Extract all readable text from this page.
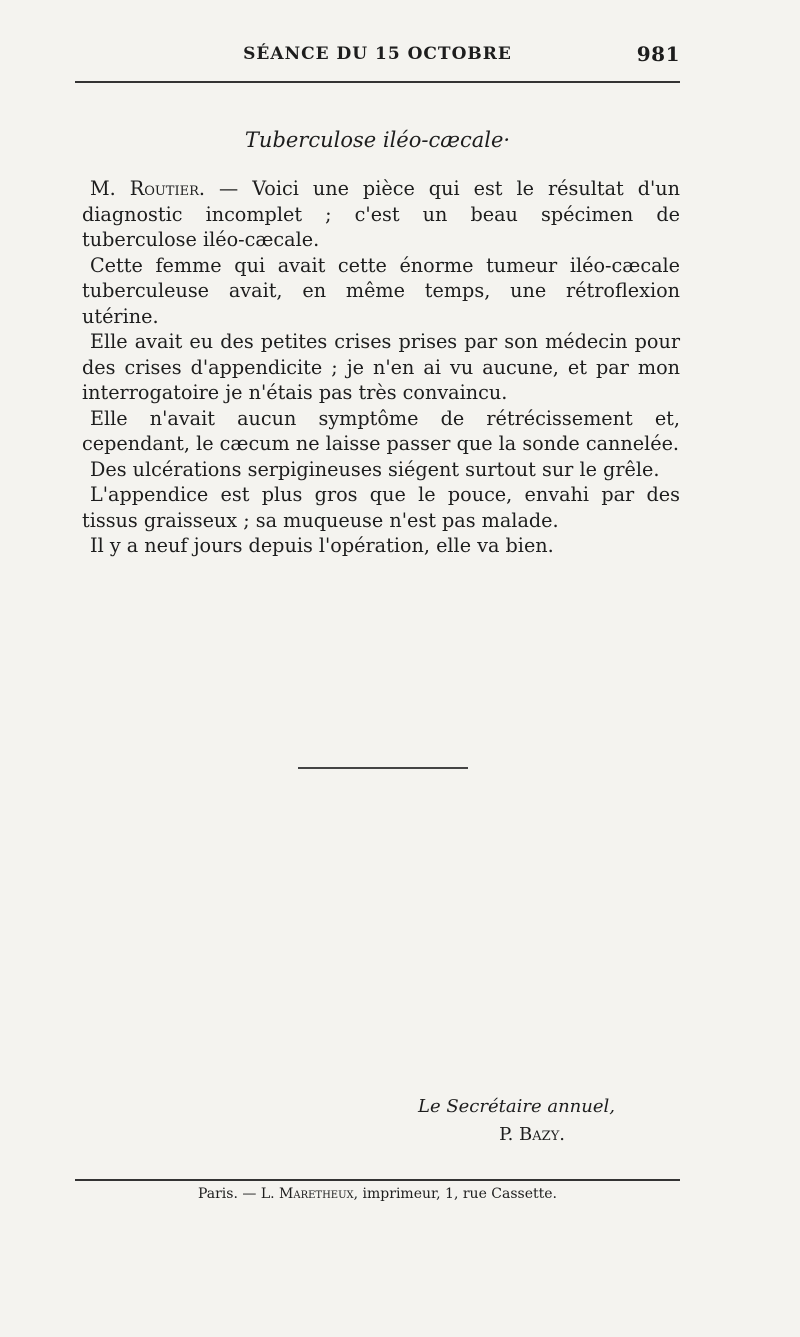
SÉANCE DU 15 OCTOBRE	981
Tuberculose iléo-cæcale·

M. Routier. — Voici une pièce qui est le résultat d'un diagnostic incomplet ; c'est un beau spécimen de tuberculose iléo-cæcale.

Cette femme qui avait cette énorme tumeur iléo-cæcale tuberculeuse avait, en même temps, une rétroflexion utérine.

Elle avait eu des petites crises prises par son médecin pour des crises d'appendicite ; je n'en ai vu aucune, et par mon interrogatoire je n'étais pas très convaincu.

Elle n'avait aucun symptôme de rétrécissement et, cependant, le cæcum ne laisse passer que la sonde cannelée.

Des ulcérations serpigineuses siégent surtout sur le grêle.

L'appendice est plus gros que le pouce, envahi par des tissus graisseux ; sa muqueuse n'est pas malade.

Il y a neuf jours depuis l'opération, elle va bien.

Le Secrétaire annuel,
P. Bazy.
Paris. — L. Maretheux, imprimeur, 1, rue Cassette.
